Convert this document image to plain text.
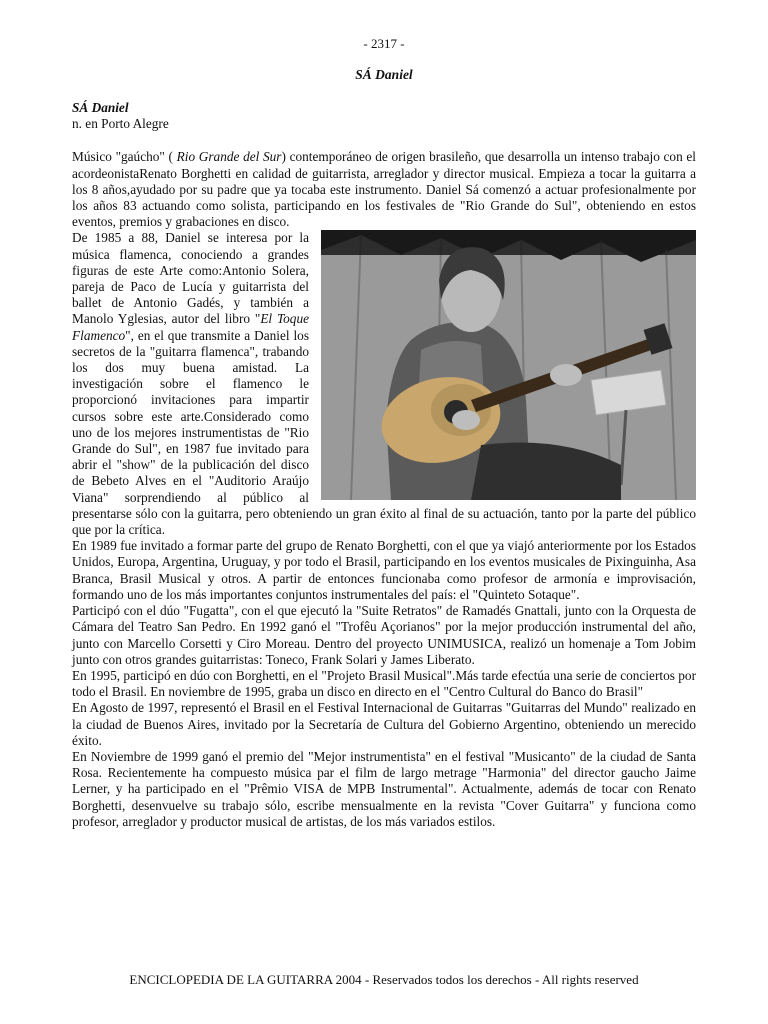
- 2317 -
SÁ Daniel
SÁ Daniel
n. en Porto Alegre

Músico "gaúcho" ( Rio Grande del Sur) contemporáneo de origen brasileño, que desarrolla un intenso trabajo con el acordeonistaRenato Borghetti en calidad de guitarrista, arreglador y director musical. Empieza a tocar la guitarra a los 8 años,ayudado por su padre que ya tocaba este instrumento. Daniel Sá comenzó a actuar profesionalmente por los años 83 actuando como solista, participando en los festivales de "Rio Grande do Sul", obteniendo en estos eventos, premios y grabaciones en disco.

De 1985 a 88, Daniel se interesa por la música flamenca, conociendo a grandes figuras de este Arte como:Antonio Solera, pareja de Paco de Lucía y guitarrista del ballet de Antonio Gadés, y también a Manolo Yglesias, autor del libro "El Toque Flamenco", en el que transmite a Daniel los secretos de la "guitarra flamenca", trabando los dos muy buena amistad. La investigación sobre el flamenco le proporcionó invitaciones para impartir cursos sobre este arte.Considerado como uno de los mejores instrumentistas de "Rio Grande do Sul", en 1987 fue invitado para abrir el "show" de la publicación del disco de Bebeto Alves en el "Auditorio Araújo Viana" sorprendiendo al público al presentarse sólo con la guitarra, pero obteniendo un gran éxito al final de su actuación, tanto por la parte del público que por la crítica.

En 1989 fue invitado a formar parte del grupo de Renato Borghetti, con el que ya viajó anteriormente por los Estados Unidos, Europa, Argentina, Uruguay, y por todo el Brasil, participando en los eventos musicales de Pixinguinha, Asa Branca, Brasil Musical y otros. A partir de entonces funcionaba como profesor de armonía e improvisación, formando uno de los más importantes conjuntos instrumentales del país: el "Quinteto Sotaque".

Participó con el dúo "Fugatta", con el que ejecutó la "Suite Retratos" de Ramadés Gnattali, junto con la Orquesta de Cámara del Teatro San Pedro. En 1992 ganó el "Trofêu Açorianos" por la mejor producción instrumental del año, junto con Marcello Corsetti y Ciro Moreau. Dentro del proyecto UNIMUSICA, realizó un homenaje a Tom Jobim junto con otros grandes guitarristas: Toneco, Frank Solari y James Liberato.

En 1995, participó en dúo con Borghetti, en el "Projeto Brasil Musical".Más tarde efectúa una serie de conciertos por todo el Brasil. En noviembre de 1995, graba un disco en directo en el "Centro Cultural do Banco do Brasil"

En Agosto de 1997, representó el Brasil en el Festival Internacional de Guitarras "Guitarras del Mundo" realizado en la ciudad de Buenos Aires, invitado por la Secretaría de Cultura del Gobierno Argentino, obteniendo un merecido éxito.

En Noviembre de 1999 ganó el premio del "Mejor instrumentista" en el festival "Musicanto" de la ciudad de Santa Rosa. Recientemente ha compuesto música par el film de largo metrage "Harmonia" del director gaucho Jaime Lerner, y ha participado en el "Prêmio VISA de MPB Instrumental". Actualmente, además de tocar con Renato Borghetti, desenvuelve su trabajo sólo, escribe mensualmente en la revista "Cover Guitarra" y funciona como profesor, arreglador y productor musical de artistas, de los más variados estilos.

ENCICLOPEDIA DE LA GUITARRA 2004 - Reservados todos los derechos - All rights reserved
